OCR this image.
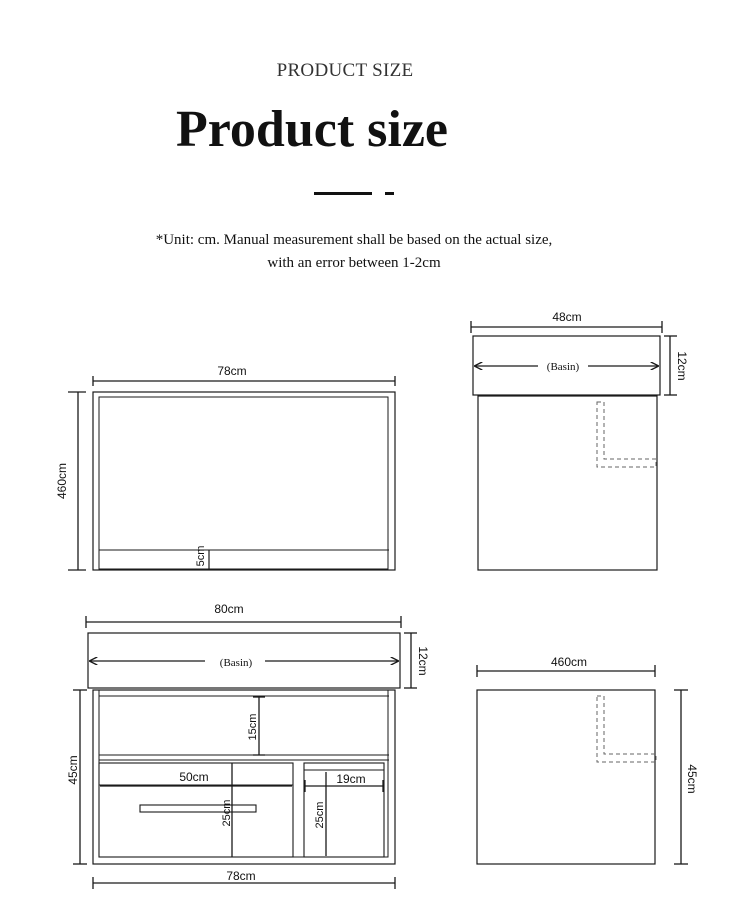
PRODUCT SIZE
Product size
*Unit: cm. Manual measurement shall be based on the actual size,
with an error between 1-2cm
78cm
460cm
5cm
48cm
12cm
(Basin)
80cm
(Basin)	12cm
45cm
15cm
50cm
25cm
19cm
25cm
78cm
460cm
45cm
